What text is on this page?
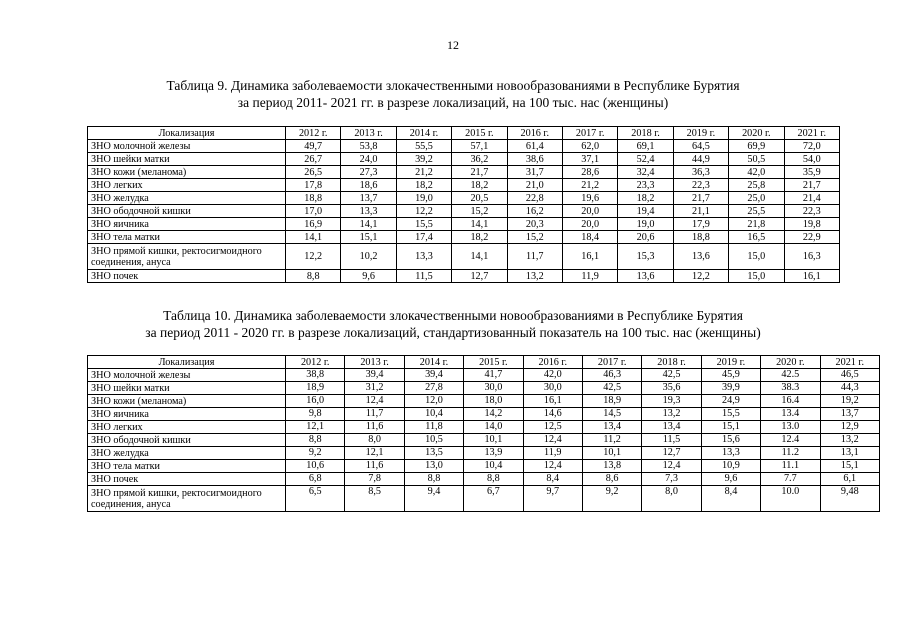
12
Таблица 9. Динамика заболеваемости злокачественными новообразованиями в Республике Бурятия
за период 2011- 2021 гг. в разрезе локализаций, на 100 тыс. нас (женщины)
Локализация	2012 г.	2013 г.	2014 г.	2015 г.	2016 г.	2017 г.	2018 г.	2019 г.	2020 г.	2021 г.
ЗНО молочной железы	49,7	53,8	55,5	57,1	61,4	62,0	69,1	64,5	69,9	72,0
ЗНО шейки матки	26,7	24,0	39,2	36,2	38,6	37,1	52,4	44,9	50,5	54,0
ЗНО кожи (меланома)	26,5	27,3	21,2	21,7	31,7	28,6	32,4	36,3	42,0	35,9
ЗНО легких	17,8	18,6	18,2	18,2	21,0	21,2	23,3	22,3	25,8	21,7
ЗНО желудка	18,8	13,7	19,0	20,5	22,8	19,6	18,2	21,7	25,0	21,4
ЗНО ободочной кишки	17,0	13,3	12,2	15,2	16,2	20,0	19,4	21,1	25,5	22,3
ЗНО яичника	16,9	14,1	15,5	14,1	20,3	20,0	19,0	17,9	21,8	19,8
ЗНО тела матки	14,1	15,1	17,4	18,2	15,2	18,4	20,6	18,8	16,5	22,9
ЗНО прямой кишки, ректосигмоидного соединения, ануса	12,2	10,2	13,3	14,1	11,7	16,1	15,3	13,6	15,0	16,3
ЗНО почек	8,8	9,6	11,5	12,7	13,2	11,9	13,6	12,2	15,0	16,1
Таблица 10. Динамика заболеваемости злокачественными новообразованиями в Республике Бурятия
за период 2011 - 2020 гг. в разрезе локализаций, стандартизованный показатель на 100 тыс. нас (женщины)
Локализация	2012 г.	2013 г.	2014 г.	2015 г.	2016 г.	2017 г.	2018 г.	2019 г.	2020 г.	2021 г.
ЗНО молочной железы	38,8	39,4	39,4	41,7	42,0	46,3	42,5	45,9	42.5	46,5
ЗНО шейки матки	18,9	31,2	27,8	30,0	30,0	42,5	35,6	39,9	38.3	44,3
ЗНО кожи (меланома)	16,0	12,4	12,0	18,0	16,1	18,9	19,3	24,9	16.4	19,2
ЗНО яичника	9,8	11,7	10,4	14,2	14,6	14,5	13,2	15,5	13.4	13,7
ЗНО легких	12,1	11,6	11,8	14,0	12,5	13,4	13,4	15,1	13.0	12,9
ЗНО ободочной кишки	8,8	8,0	10,5	10,1	12,4	11,2	11,5	15,6	12.4	13,2
ЗНО желудка	9,2	12,1	13,5	13,9	11,9	10,1	12,7	13,3	11.2	13,1
ЗНО тела матки	10,6	11,6	13,0	10,4	12,4	13,8	12,4	10,9	11.1	15,1
ЗНО почек	6,8	7,8	8,8	8,8	8,4	8,6	7,3	9,6	7.7	6,1
ЗНО прямой кишки, ректосигмоидного соединения, ануса	6,5	8,5	9,4	6,7	9,7	9,2	8,0	8,4	10.0	9,48
